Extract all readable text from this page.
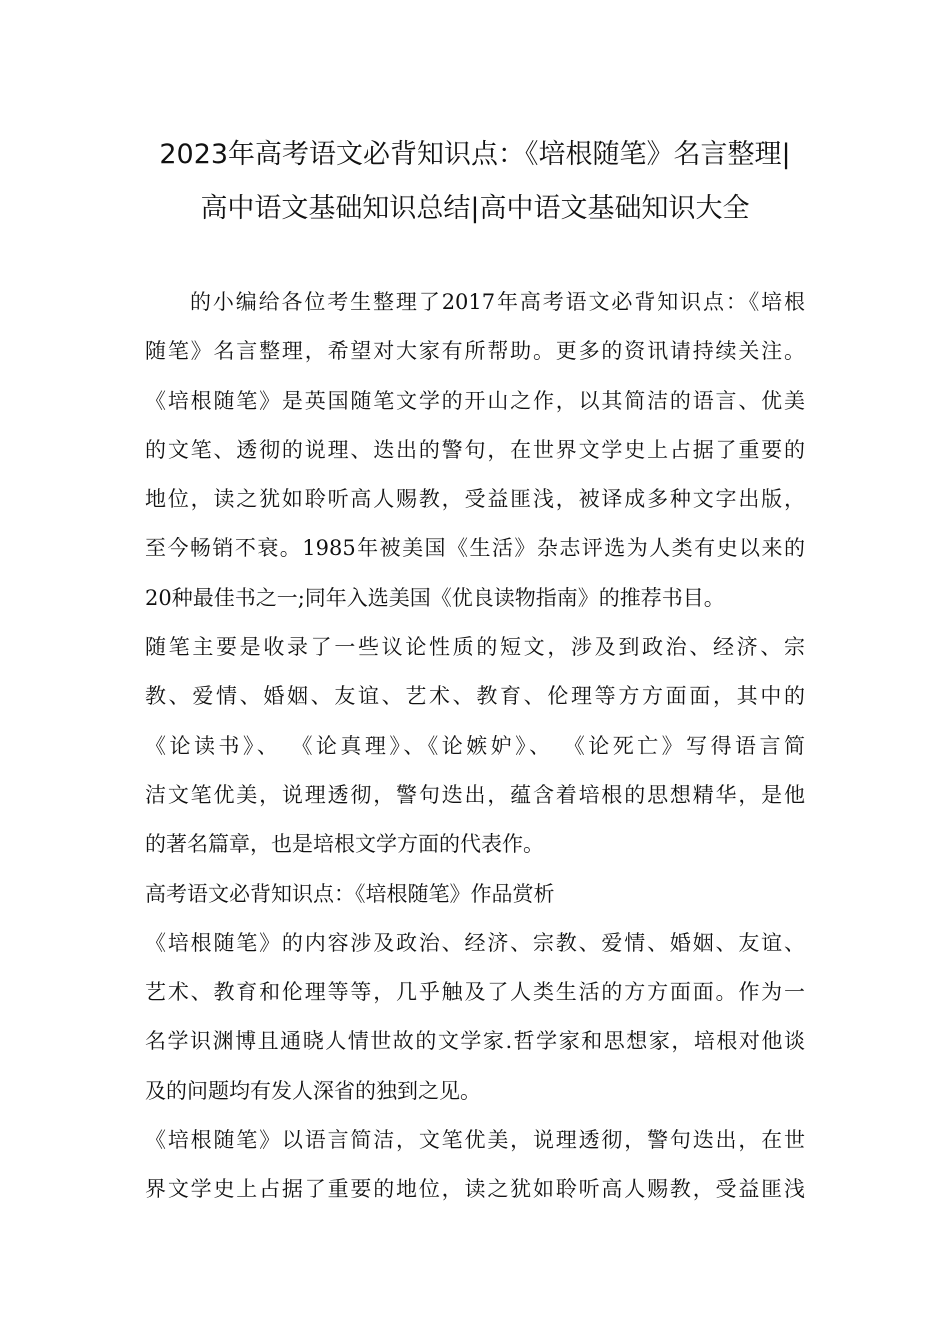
2023年高考语文必背知识点：《培根随笔》名言整理|
高中语文基础知识总结|高中语文基础知识大全
的小编给各位考生整理了2017年高考语文必背知识点：《培根
随笔》名言整理，希望对大家有所帮助。更多的资讯请持续关注。
《培根随笔》是英国随笔文学的开山之作，以其简洁的语言、优美
的文笔、透彻的说理、迭出的警句，在世界文学史上占据了重要的
地位，读之犹如聆听高人赐教，受益匪浅，被译成多种文字出版，
至今畅销不衰。1985年被美国《生活》杂志评选为人类有史以来的
20种最佳书之一;同年入选美国《优良读物指南》的推荐书目。
随笔主要是收录了一些议论性质的短文，涉及到政治、经济、宗
教、爱情、婚姻、友谊、艺术、教育、伦理等方方面面，其中的
《论读书》、 《论真理》、《论嫉妒》、 《论死亡》写得语言简
洁文笔优美，说理透彻，警句迭出，蕴含着培根的思想精华，是他
的著名篇章，也是培根文学方面的代表作。
高考语文必背知识点：《培根随笔》作品赏析
《培根随笔》的内容涉及政治、经济、宗教、爱情、婚姻、友谊、
艺术、教育和伦理等等，几乎触及了人类生活的方方面面。作为一
名学识渊博且通晓人情世故的文学家.哲学家和思想家，培根对他谈
及的问题均有发人深省的独到之见。
《培根随笔》以语言简洁，文笔优美，说理透彻，警句迭出，在世
界文学史上占据了重要的地位，读之犹如聆听高人赐教，受益匪浅
